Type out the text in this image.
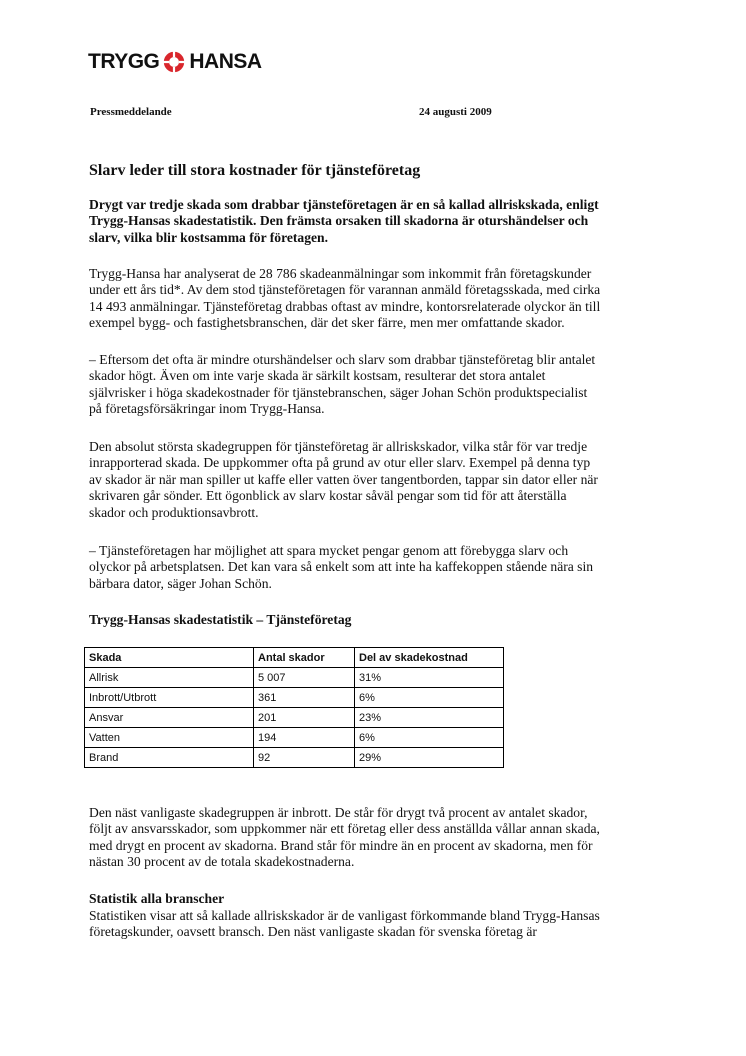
TRYGG HANSA
Pressmeddelande	24 augusti 2009
Slarv leder till stora kostnader för tjänsteföretag

Drygt var tredje skada som drabbar tjänsteföretagen är en så kallad allriskskada, enligt
Trygg-Hansas skadestatistik. Den främsta orsaken till skadorna är oturshändelser och
slarv, vilka blir kostsamma för företagen.

Trygg-Hansa har analyserat de 28 786 skadeanmälningar som inkommit från företagskunder
under ett års tid*. Av dem stod tjänsteföretagen för varannan anmäld företagsskada, med cirka
14 493 anmälningar. Tjänsteföretag drabbas oftast av mindre, kontorsrelaterade olyckor än till
exempel bygg- och fastighetsbranschen, där det sker färre, men mer omfattande skador.

– Eftersom det ofta är mindre oturshändelser och slarv som drabbar tjänsteföretag blir antalet
skador högt. Även om inte varje skada är särkilt kostsam, resulterar det stora antalet
självrisker i höga skadekostnader för tjänstebranschen, säger Johan Schön produktspecialist
på företagsförsäkringar inom Trygg-Hansa.

Den absolut största skadegruppen för tjänsteföretag är allriskskador, vilka står för var tredje
inrapporterad skada. De uppkommer ofta på grund av otur eller slarv. Exempel på denna typ
av skador är när man spiller ut kaffe eller vatten över tangentborden, tappar sin dator eller när
skrivaren går sönder. Ett ögonblick av slarv kostar såväl pengar som tid för att återställa
skador och produktionsavbrott.

– Tjänsteföretagen har möjlighet att spara mycket pengar genom att förebygga slarv och
olyckor på arbetsplatsen. Det kan vara så enkelt som att inte ha kaffekoppen stående nära sin
bärbara dator, säger Johan Schön.

Trygg-Hansas skadestatistik – Tjänsteföretag
Skada	Antal skador	Del av skadekostnad
Allrisk	5 007	31%
Inbrott/Utbrott	361	6%
Ansvar	201	23%
Vatten	194	6%
Brand	92	29%

Den näst vanligaste skadegruppen är inbrott. De står för drygt två procent av antalet skador,
följt av ansvarsskador, som uppkommer när ett företag eller dess anställda vållar annan skada,
med drygt en procent av skadorna. Brand står för mindre än en procent av skadorna, men för
nästan 30 procent av de totala skadekostnaderna.

Statistik alla branscher

Statistiken visar att så kallade allriskskador är de vanligast förkommande bland Trygg-Hansas
företagskunder, oavsett bransch. Den näst vanligaste skadan för svenska företag är
